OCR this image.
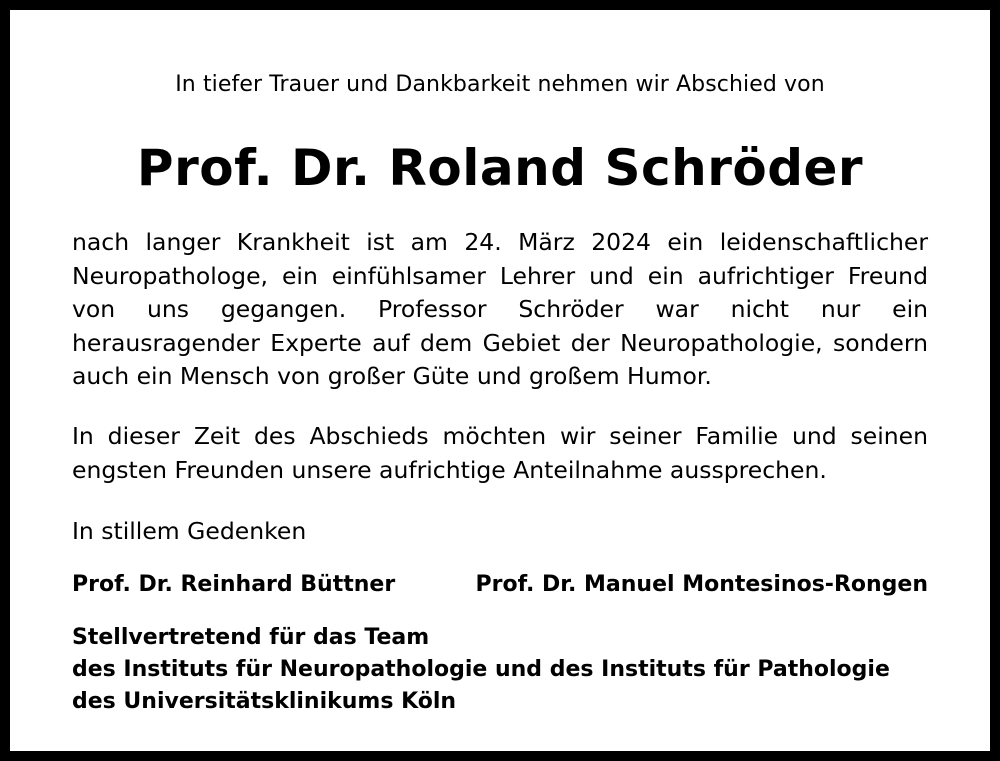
In tiefer Trauer und Dankbarkeit nehmen wir Abschied von
Prof. Dr. Roland Schröder
nach langer Krankheit ist am 24. März 2024 ein leidenschaftlicher Neuropathologe, ein einfühlsamer Lehrer und ein aufrichtiger Freund von uns gegangen. Professor Schröder war nicht nur ein herausragender Experte auf dem Gebiet der Neuropathologie, sondern auch ein Mensch von großer Güte und großem Humor.
In dieser Zeit des Abschieds möchten wir seiner Familie und seinen engsten Freunden unsere aufrichtige Anteilnahme aussprechen.
In stillem Gedenken
Prof. Dr. Reinhard Büttner	Prof. Dr. Manuel Montesinos-Rongen
Stellvertretend für das Team
des Instituts für Neuropathologie und des Instituts für Pathologie
des Universitätsklinikums Köln
